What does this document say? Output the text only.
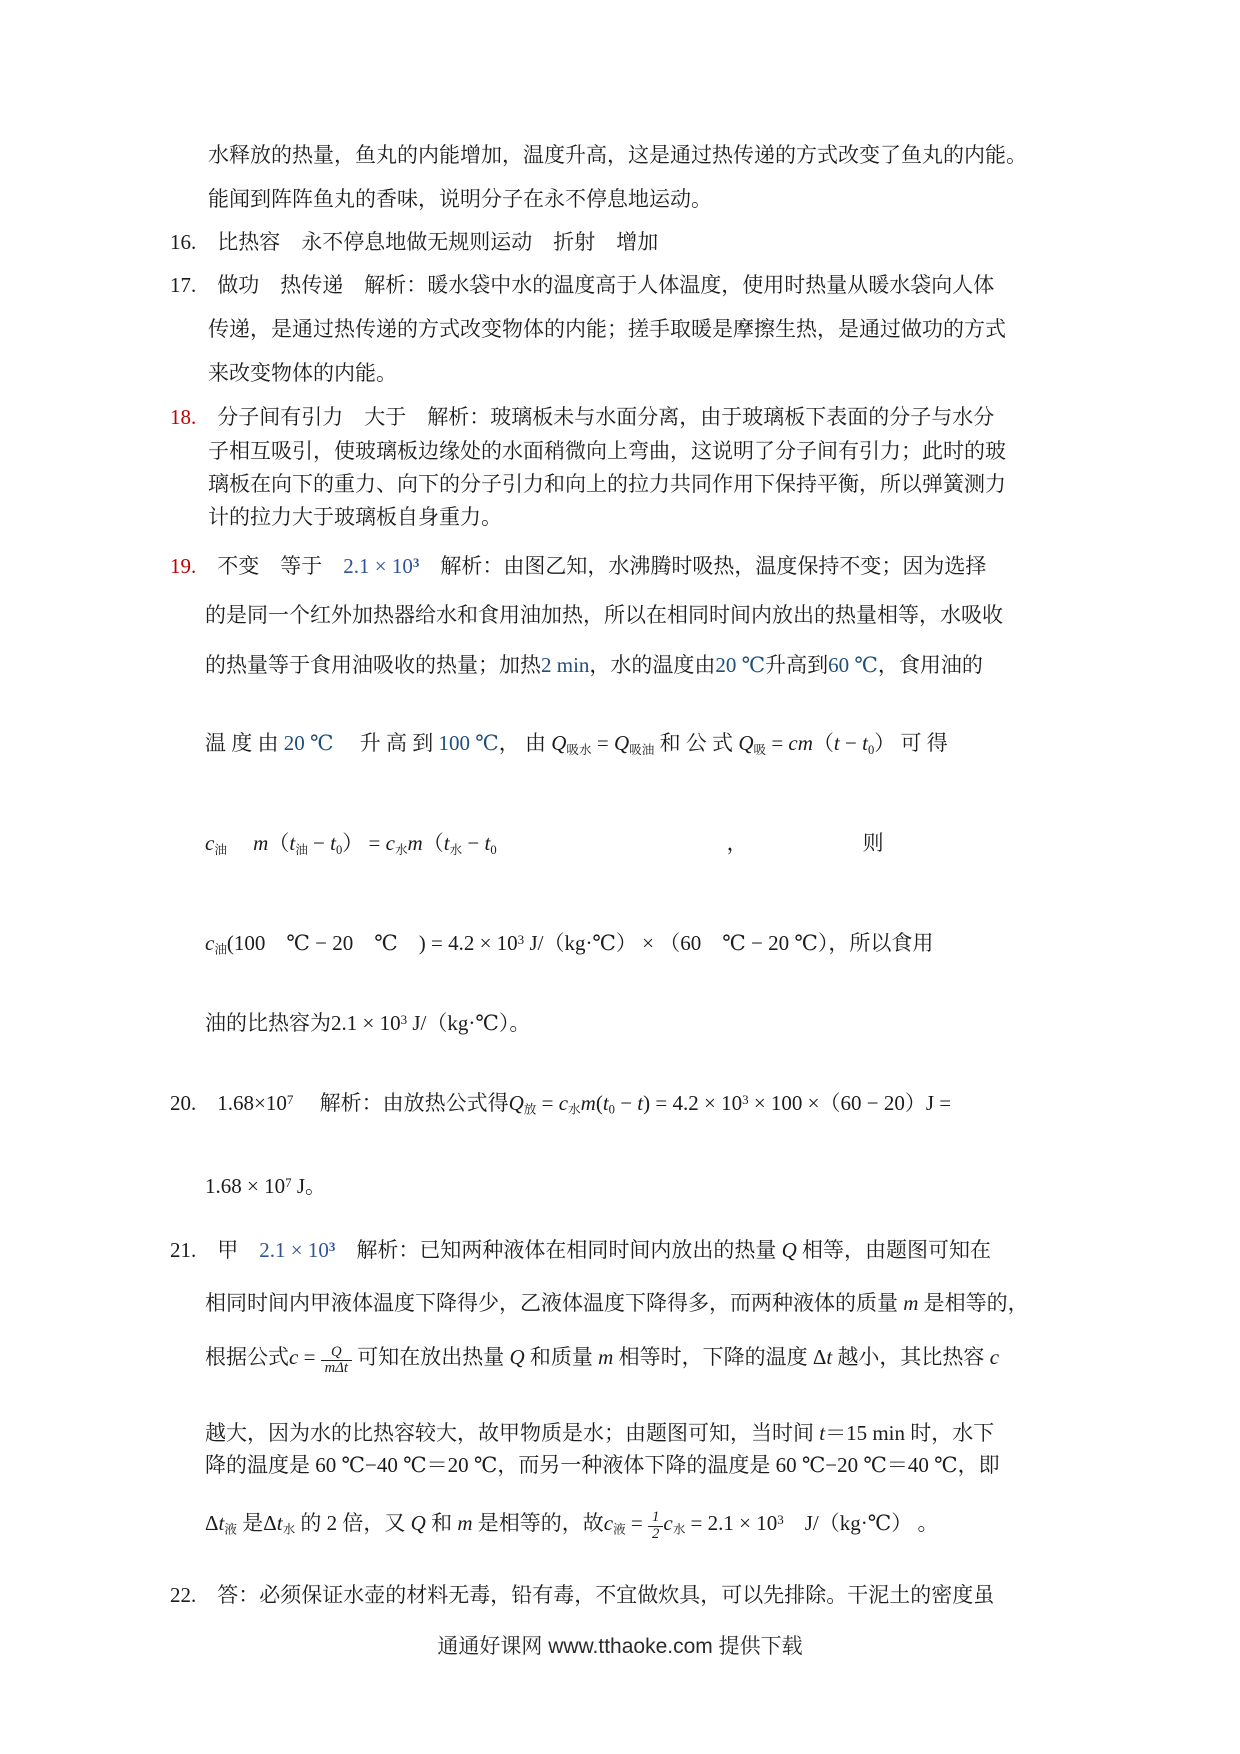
水释放的热量，鱼丸的内能增加，温度升高，这是通过热传递的方式改变了鱼丸的内能。

能闻到阵阵鱼丸的香味，说明分子在永不停息地运动。

16.　比热容　永不停息地做无规则运动　折射　增加

17.　做功　热传递　解析：暖水袋中水的温度高于人体温度，使用时热量从暖水袋向人体

传递，是通过热传递的方式改变物体的内能；搓手取暖是摩擦生热，是通过做功的方式

来改变物体的内能。

18.　分子间有引力　大于　解析：玻璃板未与水面分离，由于玻璃板下表面的分子与水分

子相互吸引，使玻璃板边缘处的水面稍微向上弯曲，这说明了分子间有引力；此时的玻

璃板在向下的重力、向下的分子引力和向上的拉力共同作用下保持平衡，所以弹簧测力

计的拉力大于玻璃板自身重力。

19.　不变　等于　$2.1 \times 10^3$　解析：由图乙知，水沸腾时吸热，温度保持不变；因为选择

的是同一个红外加热器给水和食用油加热，所以在相同时间内放出的热量相等，水吸收

的热量等于食用油吸收的热量；加热2 min，水的温度由20 ℃升高到60 ℃，食用油的

温 度 由 20 ℃　 升 高 到 100 ℃， 由 Q吸水 = Q吸油 和 公 式 Q吸 = cm（t − t0） 可 得

c油　 m（t油 − t0） = c水m（t水 − t0	，	则

c油(100　℃ − 20　℃　) = $4.2 \times 10^3$ J/（kg·℃） × （60　℃ − 20 ℃），所以食用

油的比热容为$2.1 \times 10^3$ J/（kg·℃）。

20.　$1.68\times 10^7$　 解析：由放热公式得Q放 = c水$m(t0 - t) = 4.2 \times 10^3 \times 100 \times(60 - 20)J$ =

$1.68 \times 10^7$ J。

21.　甲　$2.1 \times 10^3$　解析：已知两种液体在相同时间内放出的热量 Q 相等，由题图可知在

相同时间内甲液体温度下降得少，乙液体温度下降得多，而两种液体的质量 m 是相等的，

根据公式$c = \frac{Q}{\text{mΔt}}$ 可知在放出热量 Q 和质量 m 相等时，下降的温度 Δt 越小，其比热容 c

越大，因为水的比热容较大，故甲物质是水；由题图可知，当时间 t＝15 min 时，水下

降的温度是 60 ℃−40 ℃＝20 ℃，而另一种液体下降的温度是 60 ℃−20 ℃＝40 ℃，即

Δt液 是Δt水 的 2 倍，又 Q 和 m 是相等的，故c液 = $\frac{1}{2}$ c水 = $2.1 \times 10^3$　J/（kg·℃） 。

22.　答：必须保证水壶的材料无毒，铅有毒，不宜做炊具，可以先排除。干泥土的密度虽

通通好课网 www.tthaoke.com 提供下载
